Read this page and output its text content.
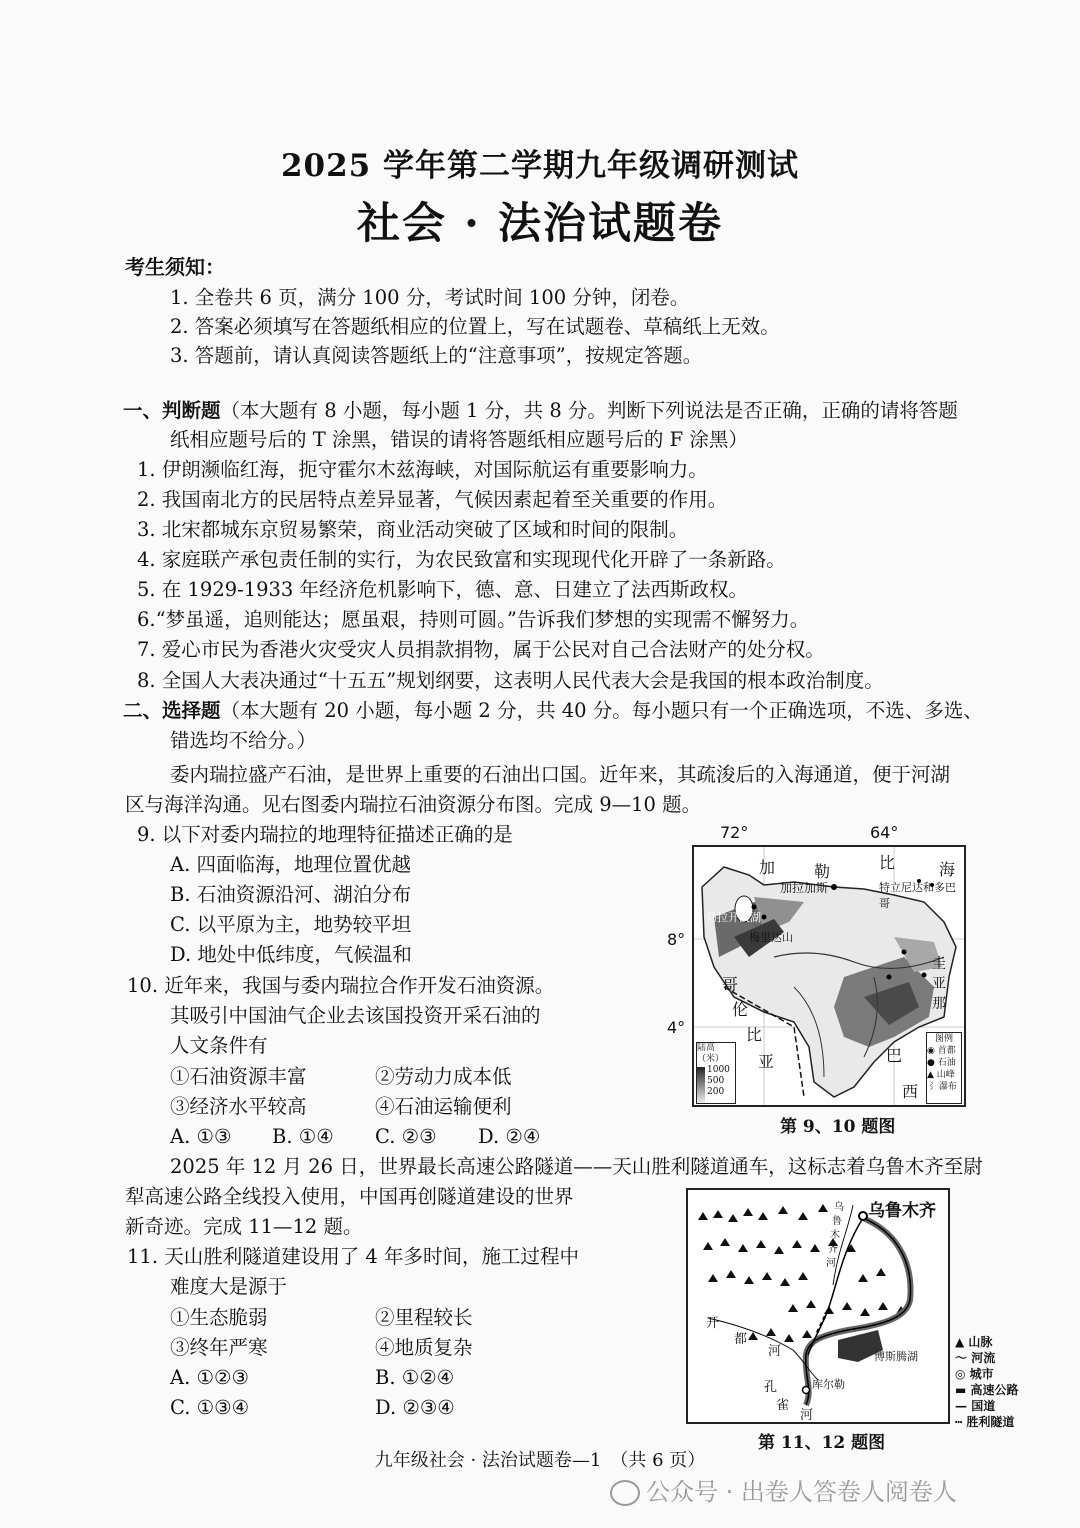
2025 学年第二学期九年级调研测试
社会 · 法治试题卷
考生须知：
1. 全卷共 6 页，满分 100 分，考试时间 100 分钟，闭卷。
2. 答案必须填写在答题纸相应的位置上，写在试题卷、草稿纸上无效。
3. 答题前，请认真阅读答题纸上的“注意事项”，按规定答题。
一、判断题（本大题有 8 小题，每小题 1 分，共 8 分。判断下列说法是否正确，正确的请将答题
纸相应题号后的 T 涂黑，错误的请将答题纸相应题号后的 F 涂黑）
1. 伊朗濒临红海，扼守霍尔木兹海峡，对国际航运有重要影响力。
2. 我国南北方的民居特点差异显著，气候因素起着至关重要的作用。
3. 北宋都城东京贸易繁荣，商业活动突破了区域和时间的限制。
4. 家庭联产承包责任制的实行，为农民致富和实现现代化开辟了一条新路。
5. 在 1929-1933 年经济危机影响下，德、意、日建立了法西斯政权。
6.“梦虽遥，追则能达；愿虽艰，持则可圆。”告诉我们梦想的实现需不懈努力。
7. 爱心市民为香港火灾受灾人员捐款捐物，属于公民对自己合法财产的处分权。
8. 全国人大表决通过“十五五”规划纲要，这表明人民代表大会是我国的根本政治制度。
二、选择题（本大题有 20 小题，每小题 2 分，共 40 分。每小题只有一个正确选项，不选、多选、
错选均不给分。）
委内瑞拉盛产石油，是世界上重要的石油出口国。近年来，其疏浚后的入海通道，便于河湖
区与海洋沟通。见右图委内瑞拉石油资源分布图。完成 9—10 题。
9. 以下对委内瑞拉的地理特征描述正确的是
A. 四面临海，地理位置优越
B. 石油资源沿河、湖泊分布
C. 以平原为主，地势较平坦
D. 地处中低纬度，气候温和
10. 近年来，我国与委内瑞拉合作开发石油资源。
其吸引中国油气企业去该国投资开采石油的
人文条件有
①石油资源丰富	②劳动力成本低
③经济水平较高	④石油运输便利
A. ①③ B. ①④ C. ②③ D. ②④
72°	64°
8°
4°
加 勒	比	海
加拉加斯	特立尼达和多巴哥
马拉开波湖
梅里达山
哥
伦
比
亚
圭
亚
那
巴
西
陆高（米）
1000
500
200
图例
◉ 首都
● 石油
▲ 山峰
⌇ 瀑布
第 9、10 题图
2025 年 12 月 26 日，世界最长高速公路隧道——天山胜利隧道通车，这标志着乌鲁木齐至尉
犁高速公路全线投入使用，中国再创隧道建设的世界
新奇迹。完成 11—12 题。
11. 天山胜利隧道建设用了 4 年多时间，施工过程中
难度大是源于
①生态脆弱	②里程较长
③终年严寒	④地质复杂
A. ①②③	B. ①②④
C. ①③④	D. ②③④
乌鲁木齐
乌
鲁
木
齐
河
开
都
河
孔
雀
河
博斯腾湖
库尔勒
▲ 山脉
～ 河流
◎ 城市
▬ 高速公路
— 国道
┅ 胜利隧道
第 11、12 题图
九年级社会 · 法治试题卷—1　（共 6 页）
公众号 · 出卷人答卷人阅卷人
